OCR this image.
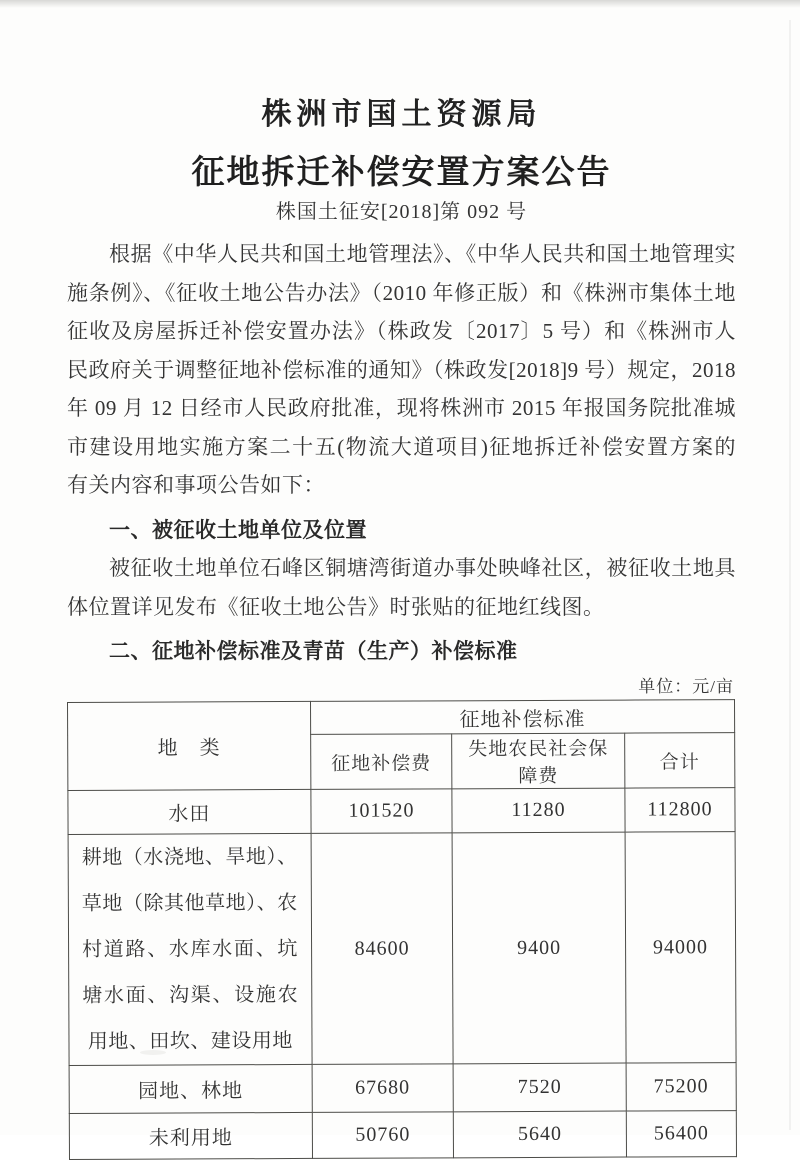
株洲市国土资源局
征地拆迁补偿安置方案公告
株国土征安[2018]第 092 号
根据《中华人民共和国土地管理法》、《中华人民共和国土地管理实
施条例》、《征收土地公告办法》（2010 年修正版）和《株洲市集体土地
征收及房屋拆迁补偿安置办法》（株政发〔2017〕5 号）和《株洲市人
民政府关于调整征地补偿标准的通知》（株政发[2018]9 号）规定，2018
年 09 月 12 日经市人民政府批准，现将株洲市 2015 年报国务院批准城
市建设用地实施方案二十五(物流大道项目)征地拆迁补偿安置方案的
有关内容和事项公告如下：
一、被征收土地单位及位置
被征收土地单位石峰区铜塘湾街道办事处映峰社区，被征收土地具
体位置详见发布《征收土地公告》时张贴的征地红线图。
二、征地补偿标准及青苗（生产）补偿标准
单位：元/亩
地　类	征地补偿标准		
	征地补偿费	失地农民社会保障费	合计
水田	101520	11280	112800
耕地（水浇地、旱地）、草地（除其他草地）、农村道路、水库水面、坑塘水面、沟渠、设施农用地、田坎、建设用地	84600	9400	94000
园地、林地	67680	7520	75200
未利用地	50760	5640	56400
